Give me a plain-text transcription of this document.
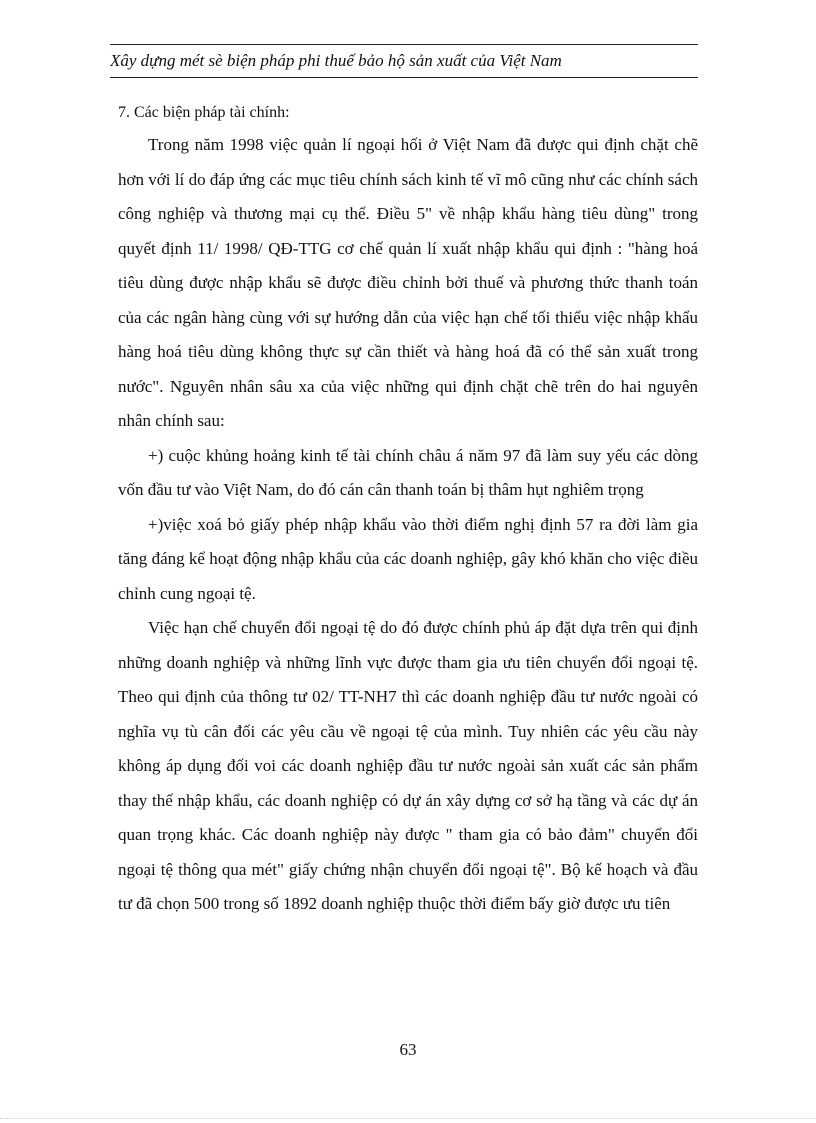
Xây dựng mét sè biện pháp phi thuế bảo hộ sản xuất của Việt Nam

7. Các biện pháp tài chính:

Trong năm 1998 việc quản lí ngoại hối ở Việt Nam đã được qui định chặt chẽ hơn với lí do đáp ứng các mục tiêu chính sách kinh tế vĩ mô cũng như các chính sách công nghiệp và thương mại cụ thể. Điều 5" về nhập khẩu hàng tiêu dùng" trong quyết định 11/ 1998/ QĐ-TTG cơ chế quản lí xuất nhập khẩu qui định : "hàng hoá tiêu dùng được nhập khẩu sẽ được điều chỉnh bởi thuế và phương thức thanh toán của các ngân hàng cùng với sự hướng dẫn của việc hạn chế tối thiểu việc nhập khẩu hàng hoá tiêu dùng không thực sự cần thiết và hàng hoá đã có thể sản xuất trong nước". Nguyên nhân sâu xa của việc những qui định chặt chẽ trên do hai nguyên nhân chính sau:

+) cuộc khủng hoảng kinh tế tài chính châu á năm 97 đã làm suy yếu các dòng vốn đầu tư vào Việt Nam, do đó cán cân thanh toán bị thâm hụt nghiêm trọng

+)việc xoá bỏ giấy phép nhập khẩu vào thời điểm nghị định 57 ra đời làm gia tăng đáng kể hoạt động nhập khẩu của các doanh nghiệp, gây khó khăn cho việc điều chỉnh cung ngoại tệ.

Việc hạn chế chuyển đổi ngoại tệ do đó được chính phủ áp đặt dựa trên qui định những doanh nghiệp và những lĩnh vực được tham gia ưu tiên chuyển đổi ngoại tệ. Theo qui định của thông tư 02/ TT-NH7 thì các doanh nghiệp đầu tư nước ngoài có nghĩa vụ tù cân đối các yêu cầu về ngoại tệ của mình. Tuy nhiên các yêu cầu này không áp dụng đối voi các doanh nghiệp đầu tư nước ngoài sản xuất các sản phẩm thay thế nhập khẩu, các doanh nghiệp có dự án xây dựng cơ sở hạ tầng và các dự án quan trọng khác. Các doanh nghiệp này được " tham gia có bảo đảm" chuyển đổi ngoại tệ thông qua mét" giấy chứng nhận chuyển đổi ngoại tệ". Bộ kế hoạch và đầu tư đã chọn 500 trong số 1892 doanh nghiệp thuộc thời điểm bấy giờ được ưu tiên

63
